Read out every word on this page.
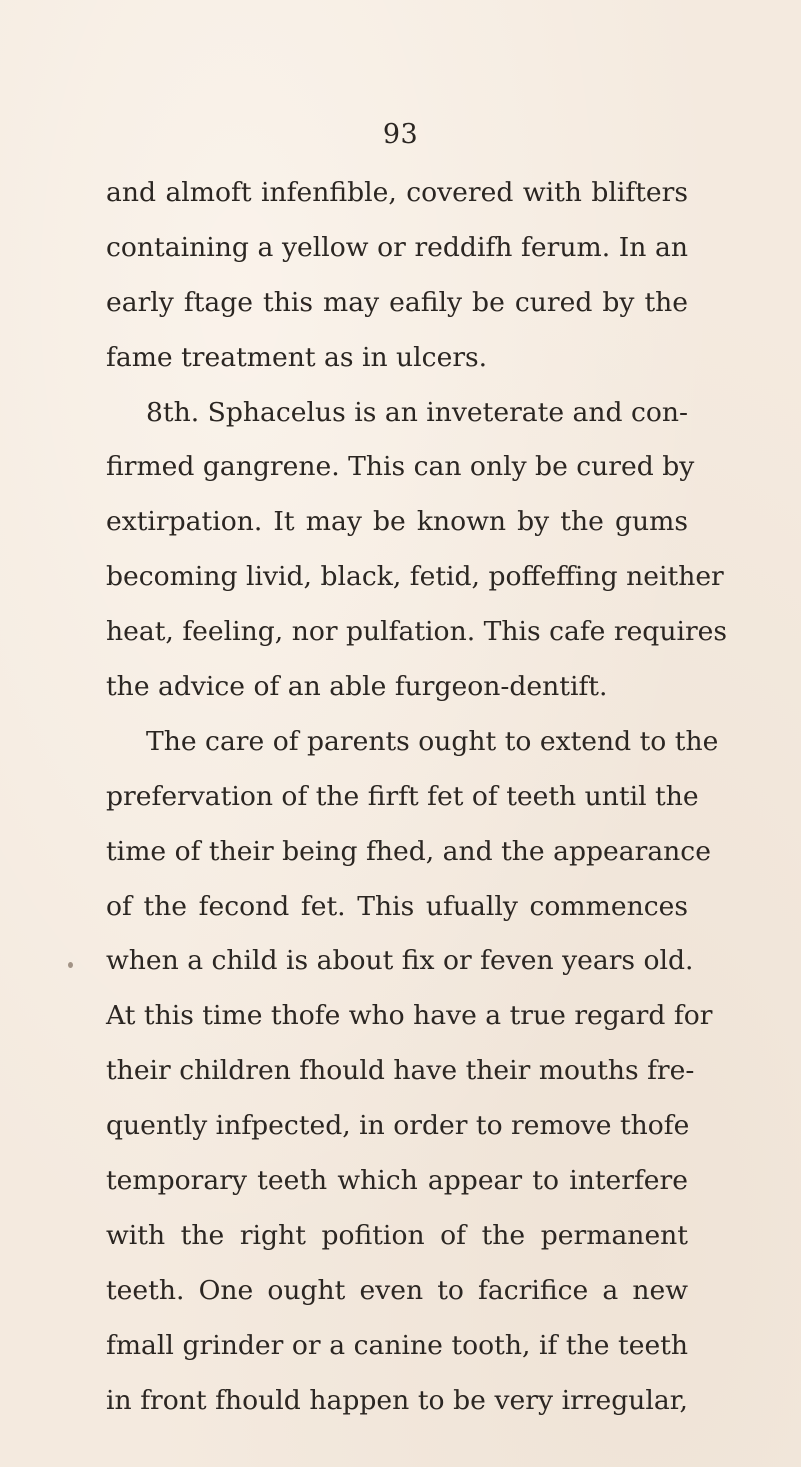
93
and almoft infenfible, covered with blifters
containing a yellow or reddifh ferum. In an
early ftage this may eafily be cured by the
fame treatment as in ulcers.
8th. Sphacelus is an inveterate and con-
firmed gangrene. This can only be cured by
extirpation. It may be known by the gums
becoming livid, black, fetid, poffeffing neither
heat, feeling, nor pulfation. This cafe requires
the advice of an able furgeon-dentift.
The care of parents ought to extend to the
prefervation of the firft fet of teeth until the
time of their being fhed, and the appearance
of the fecond fet. This ufually commences
when a child is about fix or feven years old.
At this time thofe who have a true regard for
their children fhould have their mouths fre-
quently infpected, in order to remove thofe
temporary teeth which appear to interfere
with the right pofition of the permanent
teeth. One ought even to facrifice a new
fmall grinder or a canine tooth, if the teeth
in front fhould happen to be very irregular,
